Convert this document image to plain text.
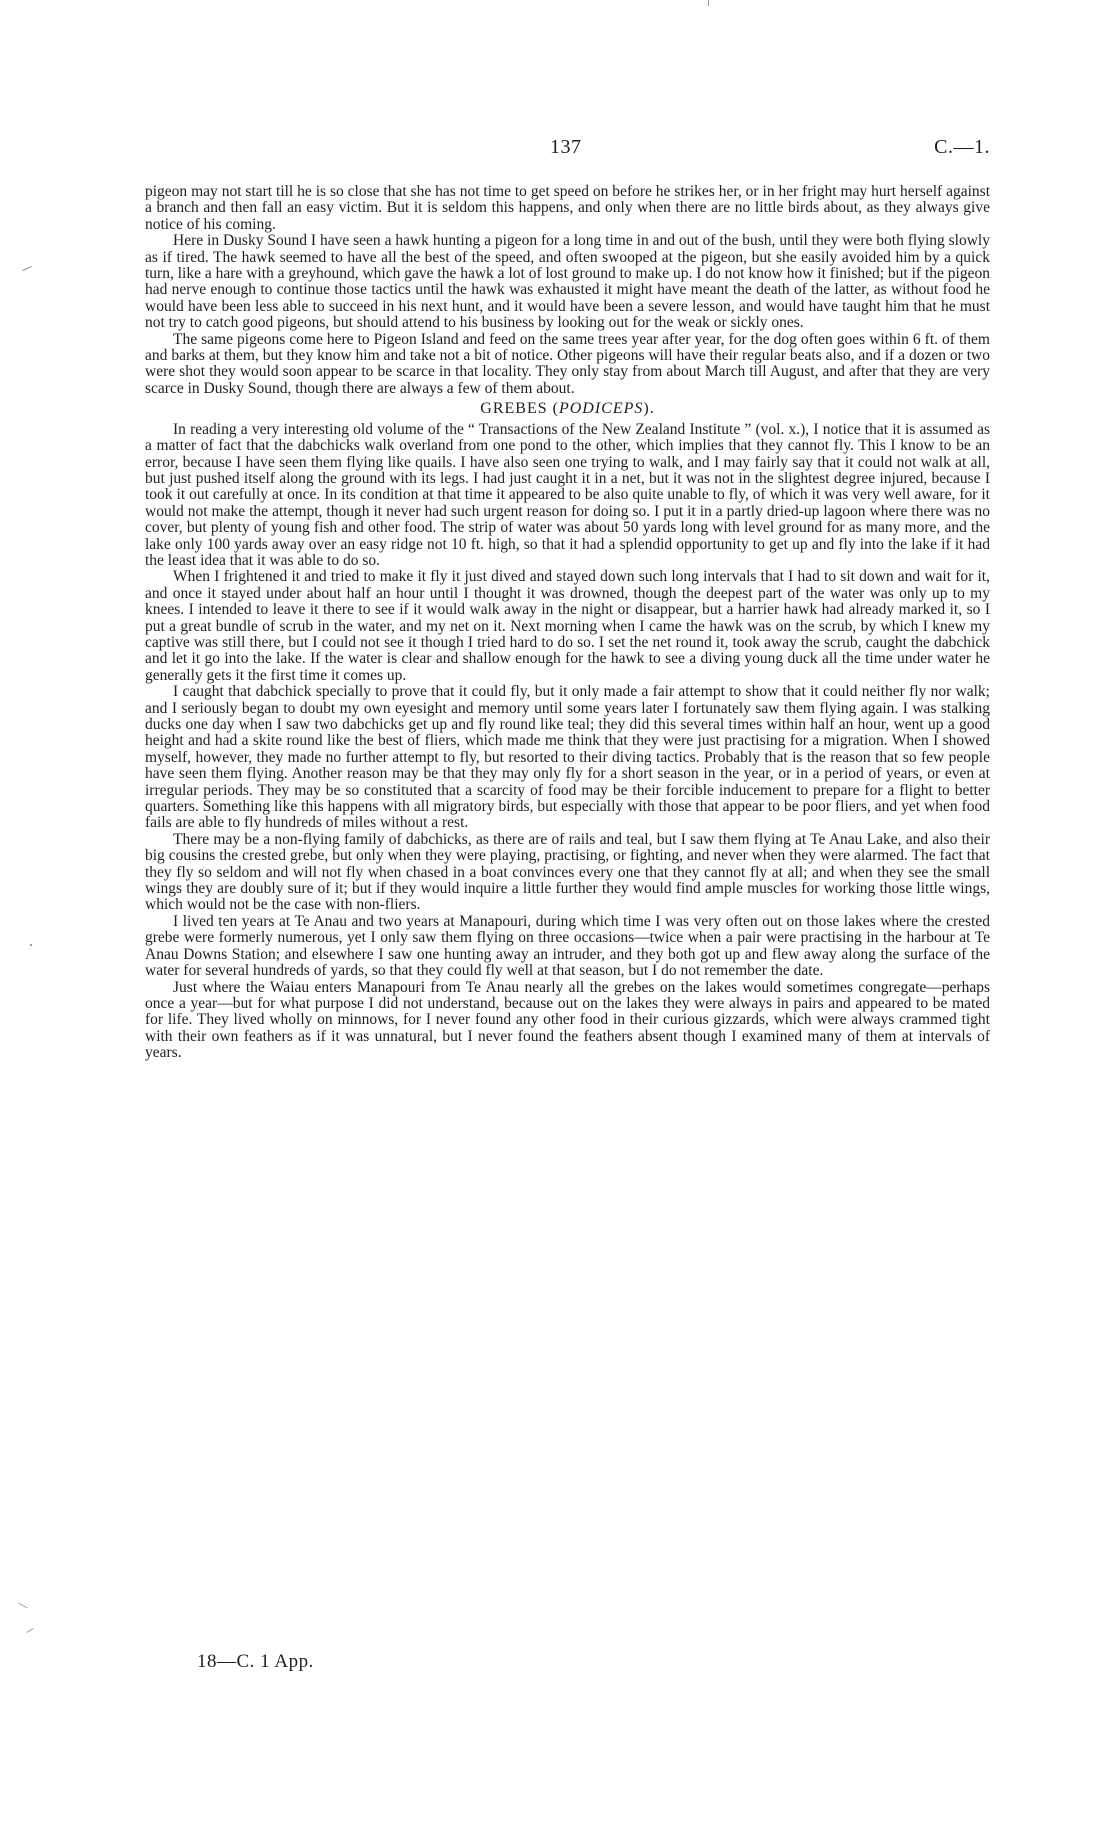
137	C.—1.

pigeon may not start till he is so close that she has not time to get speed on before he strikes her, or in her fright may hurt herself against a branch and then fall an easy victim. But it is seldom this happens, and only when there are no little birds about, as they always give notice of his coming.

Here in Dusky Sound I have seen a hawk hunting a pigeon for a long time in and out of the bush, until they were both flying slowly as if tired. The hawk seemed to have all the best of the speed, and often swooped at the pigeon, but she easily avoided him by a quick turn, like a hare with a greyhound, which gave the hawk a lot of lost ground to make up. I do not know how it finished; but if the pigeon had nerve enough to continue those tactics until the hawk was exhausted it might have meant the death of the latter, as without food he would have been less able to succeed in his next hunt, and it would have been a severe lesson, and would have taught him that he must not try to catch good pigeons, but should attend to his business by looking out for the weak or sickly ones.

The same pigeons come here to Pigeon Island and feed on the same trees year after year, for the dog often goes within 6 ft. of them and barks at them, but they know him and take not a bit of notice. Other pigeons will have their regular beats also, and if a dozen or two were shot they would soon appear to be scarce in that locality. They only stay from about March till August, and after that they are very scarce in Dusky Sound, though there are always a few of them about.

GREBES (PODICEPS).

In reading a very interesting old volume of the “ Transactions of the New Zealand Institute ” (vol. x.), I notice that it is assumed as a matter of fact that the dabchicks walk overland from one pond to the other, which implies that they cannot fly. This I know to be an error, because I have seen them flying like quails. I have also seen one trying to walk, and I may fairly say that it could not walk at all, but just pushed itself along the ground with its legs. I had just caught it in a net, but it was not in the slightest degree injured, because I took it out carefully at once. In its condition at that time it appeared to be also quite unable to fly, of which it was very well aware, for it would not make the attempt, though it never had such urgent reason for doing so. I put it in a partly dried-up lagoon where there was no cover, but plenty of young fish and other food. The strip of water was about 50 yards long with level ground for as many more, and the lake only 100 yards away over an easy ridge not 10 ft. high, so that it had a splendid opportunity to get up and fly into the lake if it had the least idea that it was able to do so.

When I frightened it and tried to make it fly it just dived and stayed down such long intervals that I had to sit down and wait for it, and once it stayed under about half an hour until I thought it was drowned, though the deepest part of the water was only up to my knees. I intended to leave it there to see if it would walk away in the night or disappear, but a harrier hawk had already marked it, so I put a great bundle of scrub in the water, and my net on it. Next morning when I came the hawk was on the scrub, by which I knew my captive was still there, but I could not see it though I tried hard to do so. I set the net round it, took away the scrub, caught the dabchick and let it go into the lake. If the water is clear and shallow enough for the hawk to see a diving young duck all the time under water he generally gets it the first time it comes up.

I caught that dabchick specially to prove that it could fly, but it only made a fair attempt to show that it could neither fly nor walk; and I seriously began to doubt my own eyesight and memory until some years later I fortunately saw them flying again. I was stalking ducks one day when I saw two dabchicks get up and fly round like teal; they did this several times within half an hour, went up a good height and had a skite round like the best of fliers, which made me think that they were just practising for a migration. When I showed myself, however, they made no further attempt to fly, but resorted to their diving tactics. Probably that is the reason that so few people have seen them flying. Another reason may be that they may only fly for a short season in the year, or in a period of years, or even at irregular periods. They may be so constituted that a scarcity of food may be their forcible inducement to prepare for a flight to better quarters. Something like this happens with all migratory birds, but especially with those that appear to be poor fliers, and yet when food fails are able to fly hundreds of miles without a rest.

There may be a non-flying family of dabchicks, as there are of rails and teal, but I saw them flying at Te Anau Lake, and also their big cousins the crested grebe, but only when they were playing, practising, or fighting, and never when they were alarmed. The fact that they fly so seldom and will not fly when chased in a boat convinces every one that they cannot fly at all; and when they see the small wings they are doubly sure of it; but if they would inquire a little further they would find ample muscles for working those little wings, which would not be the case with non-fliers.

I lived ten years at Te Anau and two years at Manapouri, during which time I was very often out on those lakes where the crested grebe were formerly numerous, yet I only saw them flying on three occasions—twice when a pair were practising in the harbour at Te Anau Downs Station; and elsewhere I saw one hunting away an intruder, and they both got up and flew away along the surface of the water for several hundreds of yards, so that they could fly well at that season, but I do not remember the date.

Just where the Waiau enters Manapouri from Te Anau nearly all the grebes on the lakes would sometimes congregate—perhaps once a year—but for what purpose I did not understand, because out on the lakes they were always in pairs and appeared to be mated for life. They lived wholly on minnows, for I never found any other food in their curious gizzards, which were always crammed tight with their own feathers as if it was unnatural, but I never found the feathers absent though I examined many of them at intervals of years.

18—C. 1 App.
